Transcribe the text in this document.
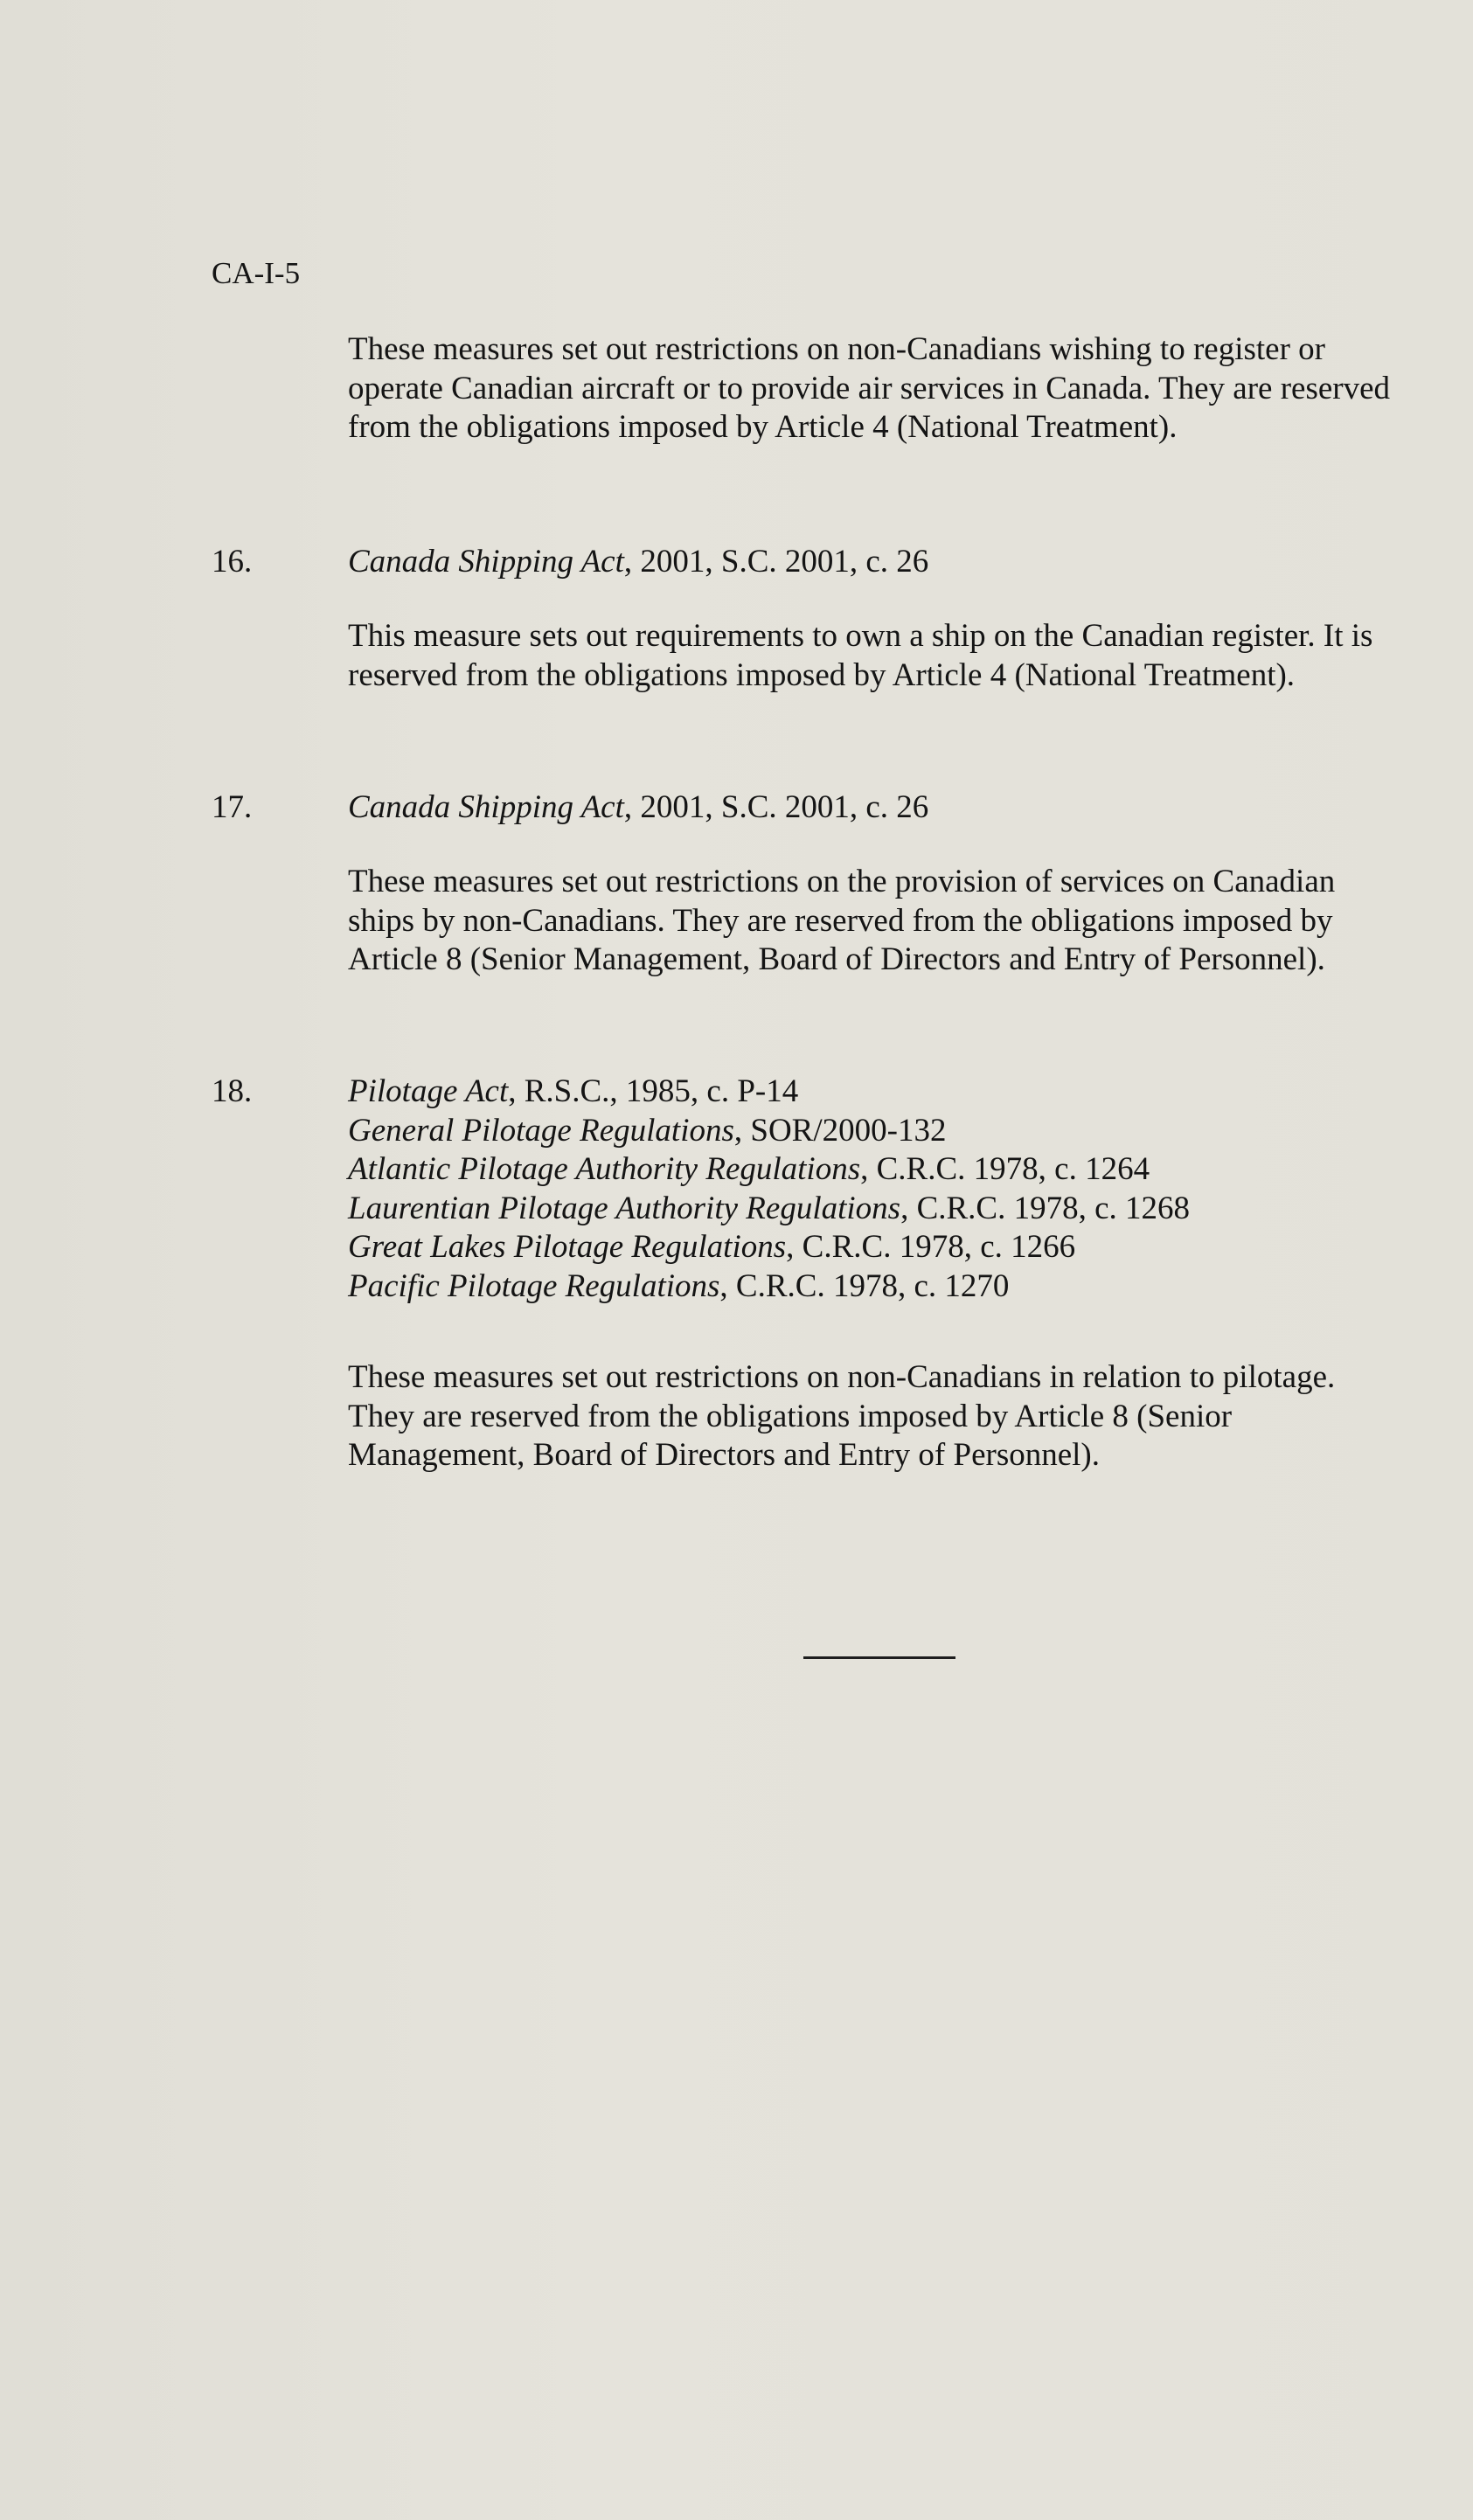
CA-I-5

These measures set out restrictions on non-Canadians wishing to register or operate Canadian aircraft or to provide air services in Canada. They are reserved from the obligations imposed by Article 4 (National Treatment).

16.	Canada Shipping Act, 2001, S.C. 2001, c. 26

This measure sets out requirements to own a ship on the Canadian register. It is reserved from the obligations imposed by Article 4 (National Treatment).

17.	Canada Shipping Act, 2001, S.C. 2001, c. 26

These measures set out restrictions on the provision of services on Canadian ships by non-Canadians. They are reserved from the obligations imposed by Article 8 (Senior Management, Board of Directors and Entry of Personnel).

18.	Pilotage Act, R.S.C., 1985, c. P-14
General Pilotage Regulations, SOR/2000-132
Atlantic Pilotage Authority Regulations, C.R.C. 1978, c. 1264
Laurentian Pilotage Authority Regulations, C.R.C. 1978, c. 1268
Great Lakes Pilotage Regulations, C.R.C. 1978, c. 1266
Pacific Pilotage Regulations, C.R.C. 1978, c. 1270

These measures set out restrictions on non-Canadians in relation to pilotage. They are reserved from the obligations imposed by Article 8 (Senior Management, Board of Directors and Entry of Personnel).
